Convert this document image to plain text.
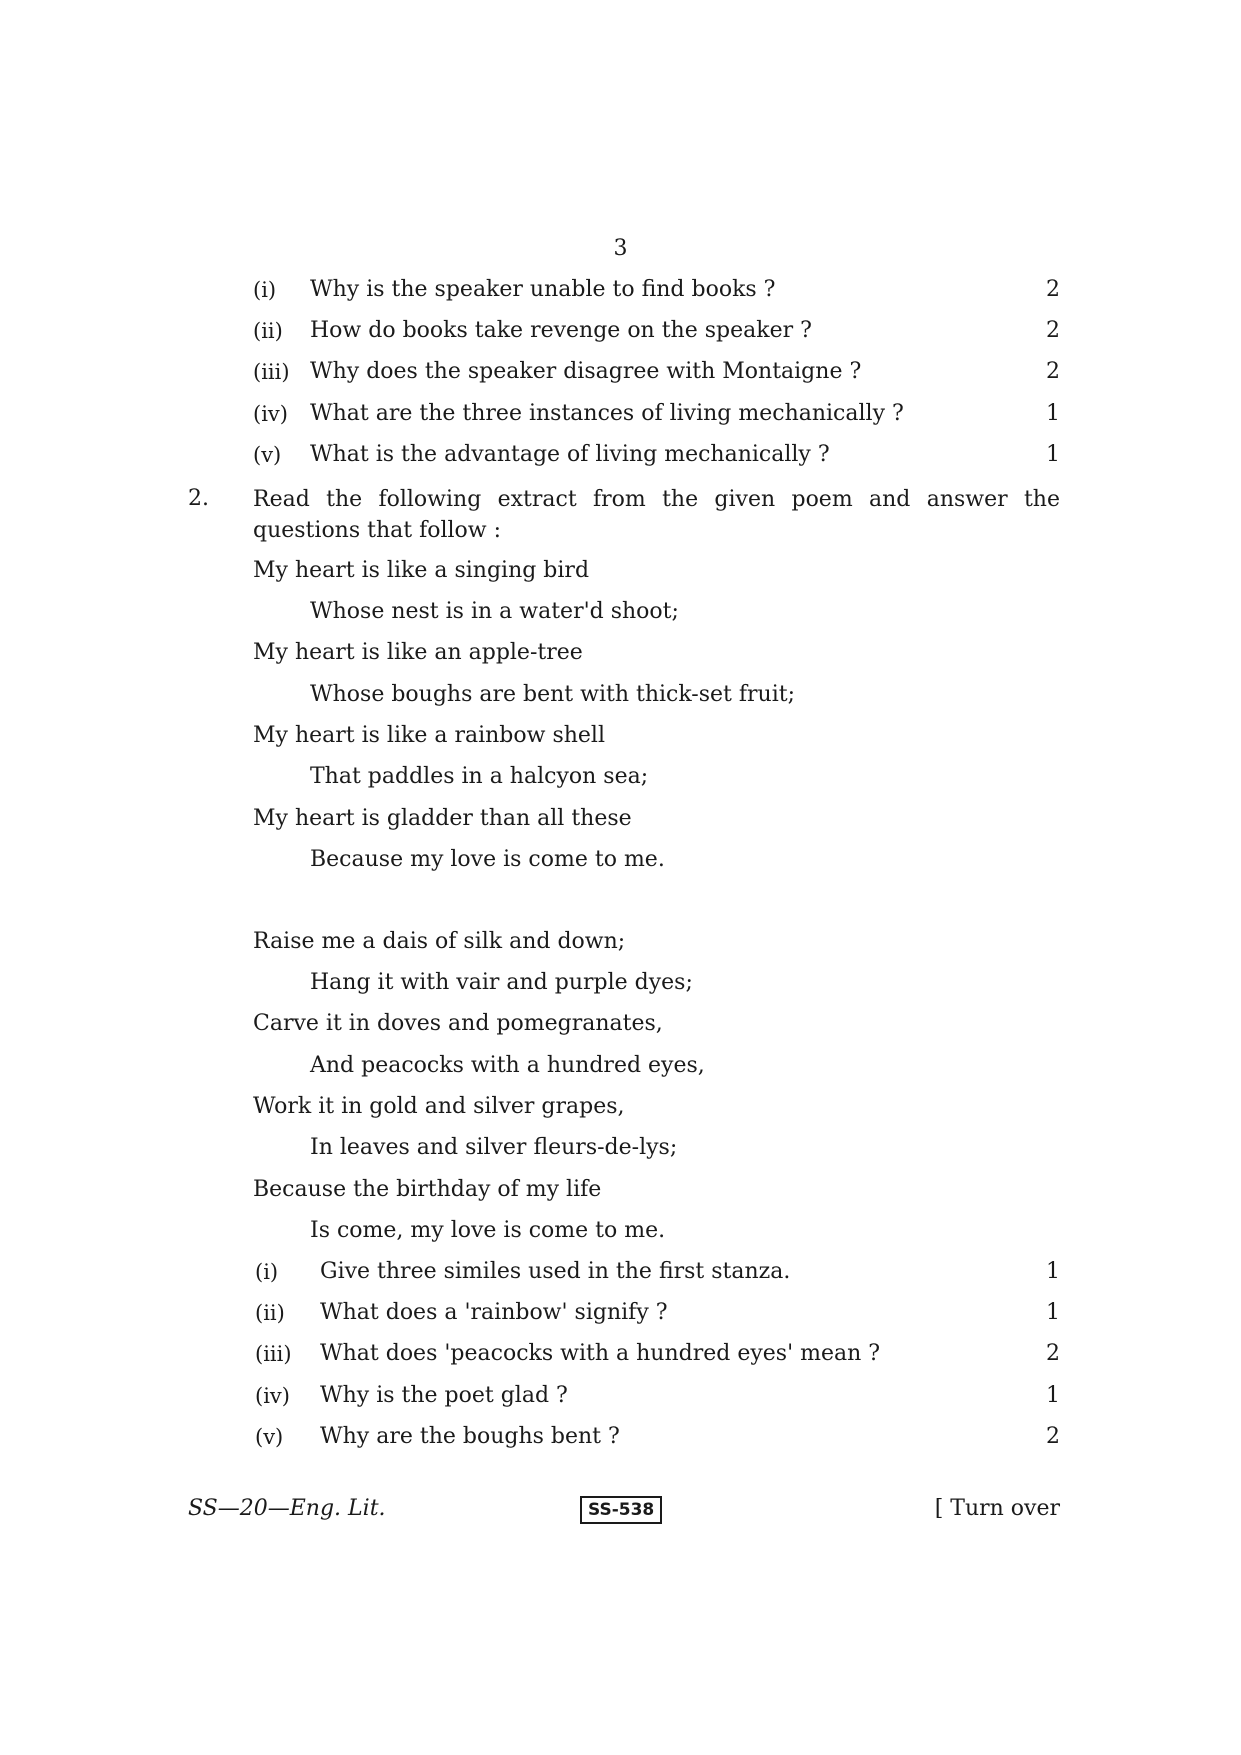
3
(i) Why is the speaker unable to find books ?	2
(ii) How do books take revenge on the speaker ?	2
(iii) Why does the speaker disagree with Montaigne ?	2
(iv) What are the three instances of living mechanically ?	1
(v) What is the advantage of living mechanically ?	1
2. Read the following extract from the given poem and answer the
questions that follow :
My heart is like a singing bird
Whose nest is in a water'd shoot;
My heart is like an apple-tree
Whose boughs are bent with thick-set fruit;
My heart is like a rainbow shell
That paddles in a halcyon sea;
My heart is gladder than all these
Because my love is come to me.
Raise me a dais of silk and down;
Hang it with vair and purple dyes;
Carve it in doves and pomegranates,
And peacocks with a hundred eyes,
Work it in gold and silver grapes,
In leaves and silver fleurs-de-lys;
Because the birthday of my life
Is come, my love is come to me.
(i) Give three similes used in the first stanza.	1
(ii) What does a 'rainbow' signify ?	1
(iii) What does 'peacocks with a hundred eyes' mean ?	2
(iv) Why is the poet glad ?	1
(v) Why are the boughs bent ?	2
SS—20—Eng. Lit.	SS-538	[ Turn over
